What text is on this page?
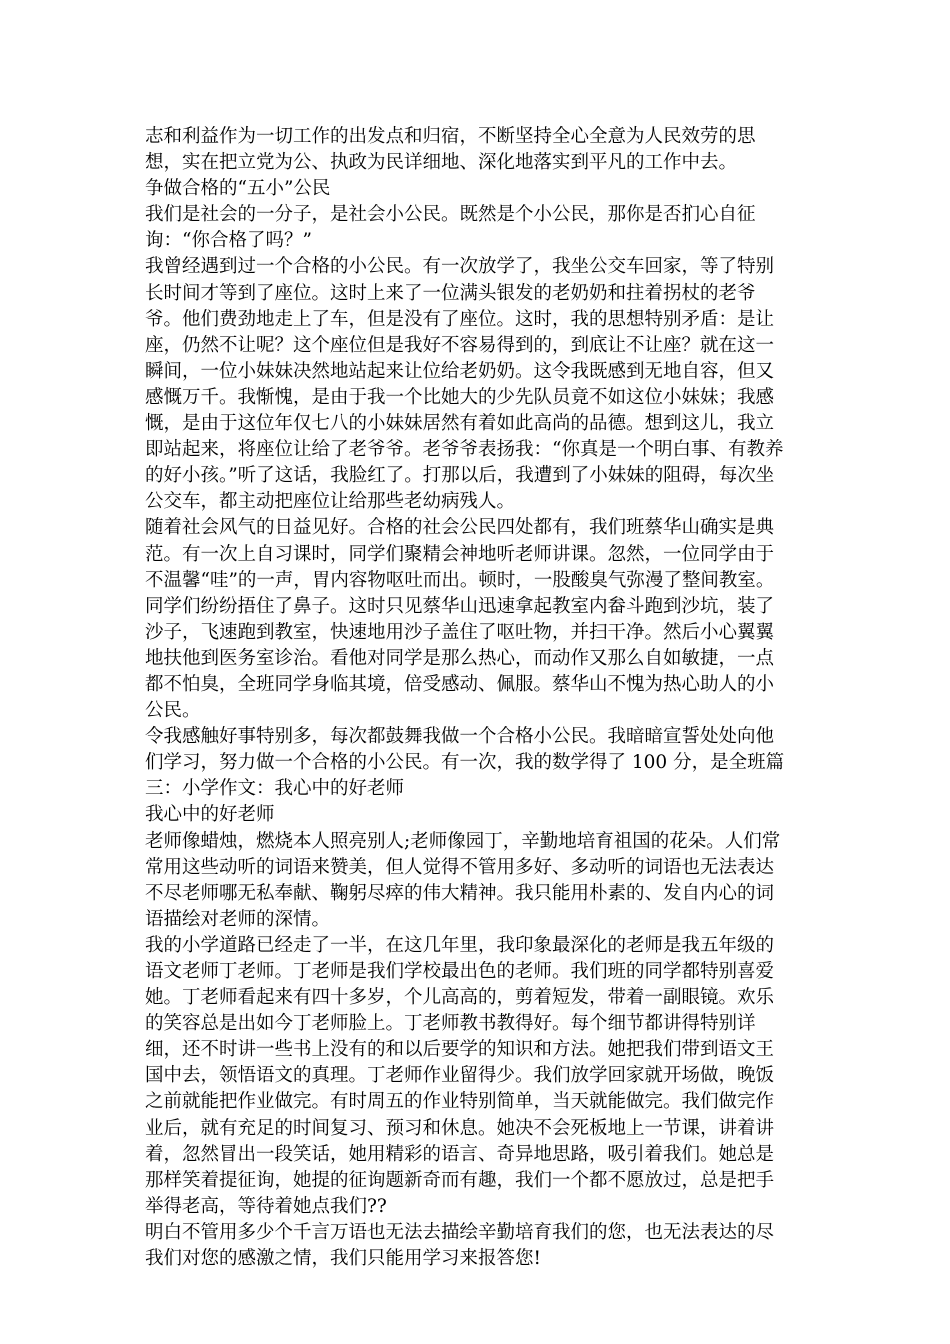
志和利益作为一切工作的出发点和归宿，不断坚持全心全意为人民效劳的思
想，实在把立党为公、执政为民详细地、深化地落实到平凡的工作中去。
争做合格的“五小”公民
我们是社会的一分子，是社会小公民。既然是个小公民，那你是否扪心自征
询：“你合格了吗？”
我曾经遇到过一个合格的小公民。有一次放学了，我坐公交车回家，等了特别
长时间才等到了座位。这时上来了一位满头银发的老奶奶和拄着拐杖的老爷
爷。他们费劲地走上了车，但是没有了座位。这时，我的思想特别矛盾：是让
座，仍然不让呢？这个座位但是我好不容易得到的，到底让不让座？就在这一
瞬间，一位小妹妹决然地站起来让位给老奶奶。这令我既感到无地自容，但又
感慨万千。我惭愧，是由于我一个比她大的少先队员竟不如这位小妹妹；我感
慨，是由于这位年仅七八的小妹妹居然有着如此高尚的品德。想到这儿，我立
即站起来，将座位让给了老爷爷。老爷爷表扬我：“你真是一个明白事、有教养
的好小孩。”听了这话，我脸红了。打那以后，我遭到了小妹妹的阻碍，每次坐
公交车，都主动把座位让给那些老幼病残人。
随着社会风气的日益见好。合格的社会公民四处都有，我们班蔡华山确实是典
范。有一次上自习课时，同学们聚精会神地听老师讲课。忽然，一位同学由于
不温馨“哇”的一声，胃内容物呕吐而出。顿时，一股酸臭气弥漫了整间教室。
同学们纷纷捂住了鼻子。这时只见蔡华山迅速拿起教室内畚斗跑到沙坑，装了
沙子，飞速跑到教室，快速地用沙子盖住了呕吐物，并扫干净。然后小心翼翼
地扶他到医务室诊治。看他对同学是那么热心，而动作又那么自如敏捷，一点
都不怕臭，全班同学身临其境，倍受感动、佩服。蔡华山不愧为热心助人的小
公民。
令我感触好事特别多，每次都鼓舞我做一个合格小公民。我暗暗宣誓处处向他
们学习，努力做一个合格的小公民。有一次，我的数学得了 100 分，是全班篇
三：小学作文：我心中的好老师
我心中的好老师
老师像蜡烛，燃烧本人照亮别人;老师像园丁，辛勤地培育祖国的花朵。人们常
常用这些动听的词语来赞美，但人觉得不管用多好、多动听的词语也无法表达
不尽老师哪无私奉献、鞠躬尽瘁的伟大精神。我只能用朴素的、发自内心的词
语描绘对老师的深情。
我的小学道路已经走了一半，在这几年里，我印象最深化的老师是我五年级的
语文老师丁老师。丁老师是我们学校最出色的老师。我们班的同学都特别喜爱
她。丁老师看起来有四十多岁，个儿高高的，剪着短发，带着一副眼镜。欢乐
的笑容总是出如今丁老师脸上。丁老师教书教得好。每个细节都讲得特别详
细，还不时讲一些书上没有的和以后要学的知识和方法。她把我们带到语文王
国中去，领悟语文的真理。丁老师作业留得少。我们放学回家就开场做，晚饭
之前就能把作业做完。有时周五的作业特别简单，当天就能做完。我们做完作
业后，就有充足的时间复习、预习和休息。她决不会死板地上一节课，讲着讲
着，忽然冒出一段笑话，她用精彩的语言、奇异地思路，吸引着我们。她总是
那样笑着提征询，她提的征询题新奇而有趣，我们一个都不愿放过，总是把手
举得老高，等待着她点我们??
明白不管用多少个千言万语也无法去描绘辛勤培育我们的您，也无法表达的尽
我们对您的感激之情，我们只能用学习来报答您!
